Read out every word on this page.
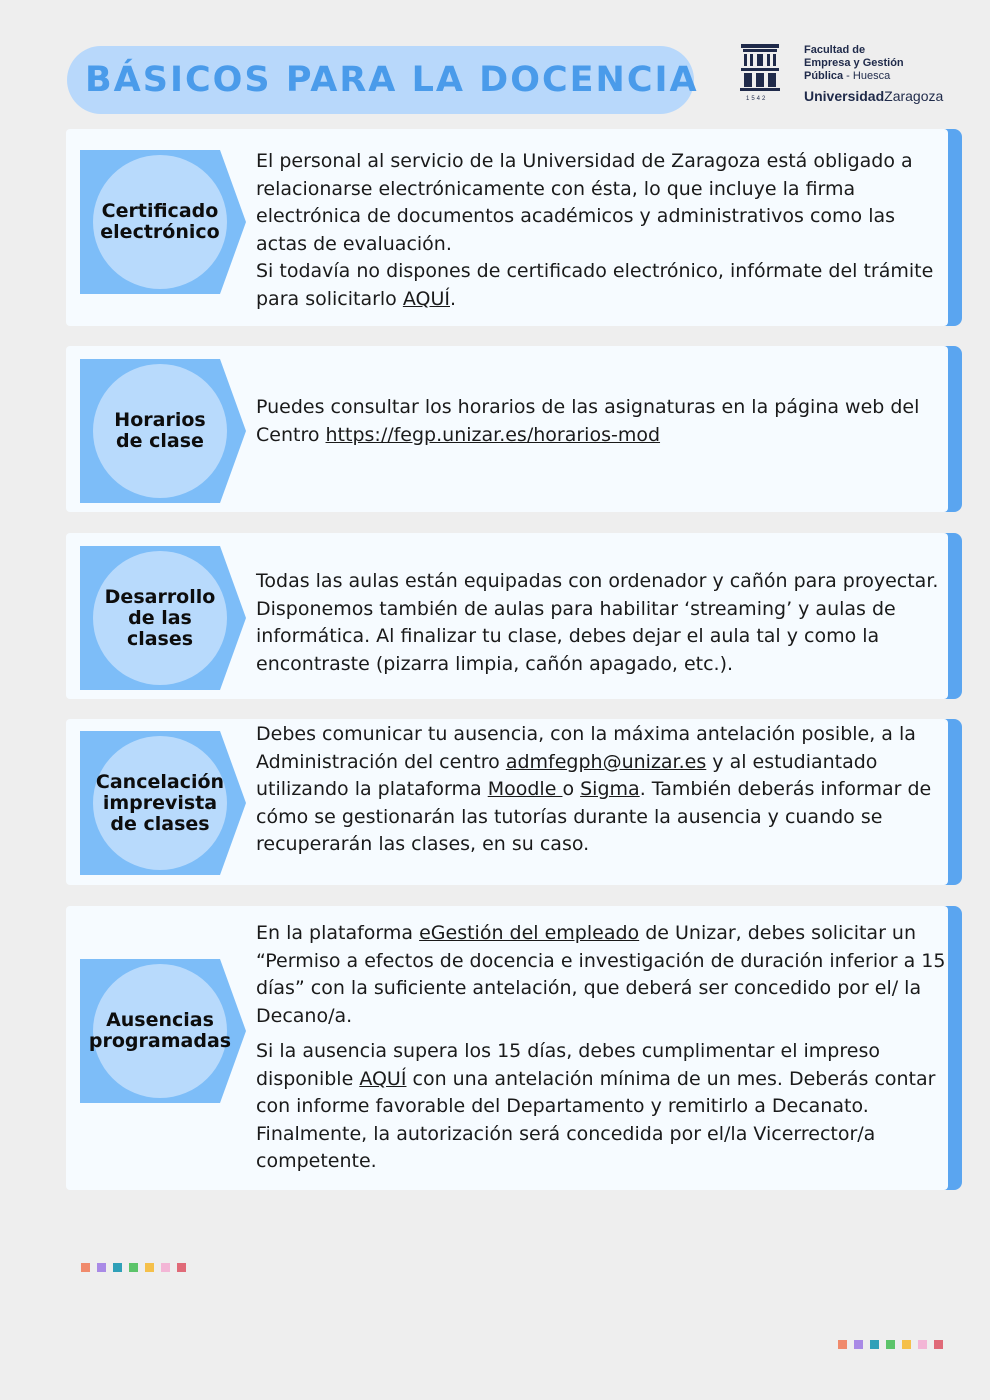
BÁSICOS PARA LA DOCENCIA	1542
Facultad de
Empresa y Gestión
Pública - Huesca
UniversidadZaragoza
Certificado
electrónico

El personal al servicio de la Universidad de Zaragoza está obligado a relacionarse electrónicamente con ésta, lo que incluye la firma electrónica de documentos académicos y administrativos como las actas de evaluación.

Si todavía no dispones de certificado electrónico, infórmate del trámite para solicitarlo AQUÍ.

Horarios
de clase

Puedes consultar los horarios de las asignaturas en la página web del Centro https://fegp.unizar.es/horarios-mod

Desarrollo
de las
clases

Todas las aulas están equipadas con ordenador y cañón para proyectar. Disponemos también de aulas para habilitar ‘streaming’ y aulas de informática. Al finalizar tu clase, debes dejar el aula tal y como la encontraste (pizarra limpia, cañón apagado, etc.).

Cancelación
imprevista
de clases

Debes comunicar tu ausencia, con la máxima antelación posible, a la Administración del centro admfegph@unizar.es y al estudiantado utilizando la plataforma Moodle o Sigma. También deberás informar de cómo se gestionarán las tutorías durante la ausencia y cuando se recuperarán las clases, en su caso.

Ausencias
programadas

En la plataforma eGestión del empleado de Unizar, debes solicitar un “Permiso a efectos de docencia e investigación de duración inferior a 15 días” con la suficiente antelación, que deberá ser concedido por el/ la Decano/a.

Si la ausencia supera los 15 días, debes cumplimentar el impreso disponible AQUÍ con una antelación mínima de un mes. Deberás contar con informe favorable del Departamento y remitirlo a Decanato. Finalmente, la autorización será concedida por el/la Vicerrector/a competente.
